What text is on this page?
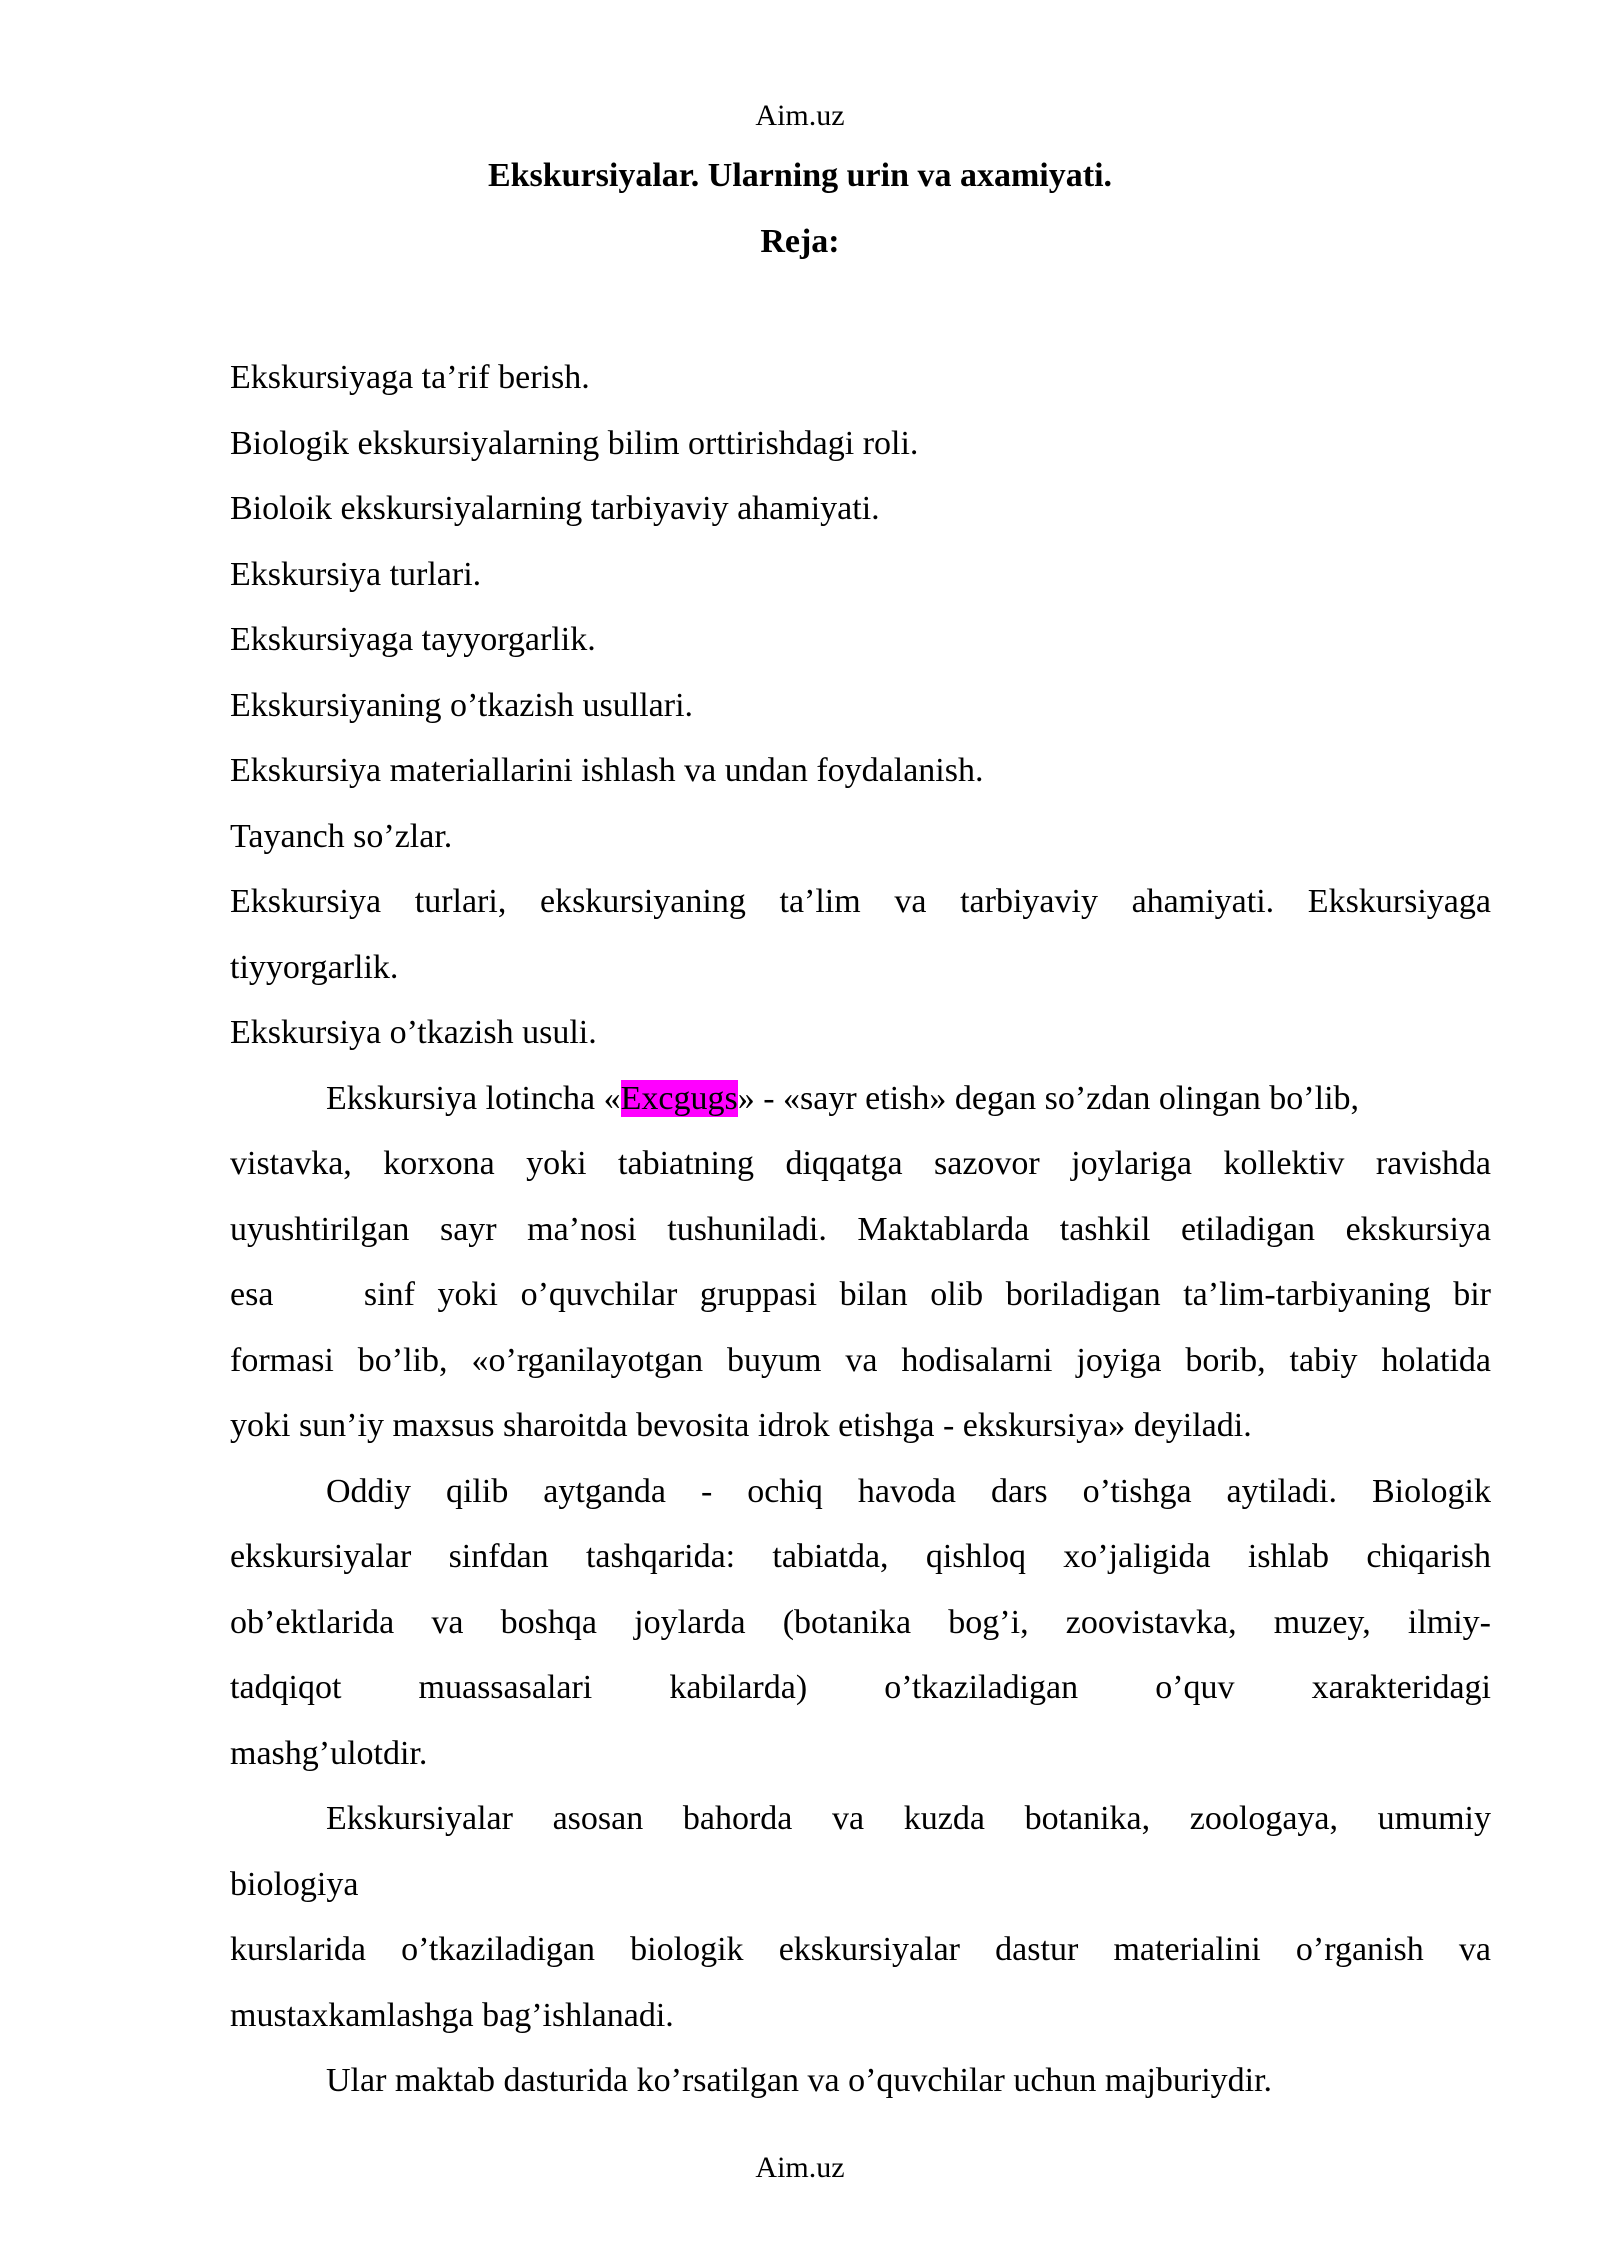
Aim.uz
Ekskursiyalar. Ularning urin va axamiyati.
Reja:

Ekskursiyaga ta’rif berish.

Biologik ekskursiyalarning bilim orttirishdagi roli.

Bioloik ekskursiyalarning tarbiyaviy ahamiyati.

Ekskursiya turlari.

Ekskursiyaga tayyorgarlik.

Ekskursiyaning o’tkazish usullari.

Ekskursiya materiallarini ishlash va undan foydalanish.

Tayanch so’zlar.

Ekskursiya turlari, ekskursiyaning ta’lim va tarbiyaviy ahamiyati. Ekskursiyaga

tiyyorgarlik.

Ekskursiya o’tkazish usuli.

Ekskursiya lotincha «Excgugs» - «sayr etish» degan so’zdan olingan bo’lib,

vistavka, korxona yoki tabiatning diqqatga sazovor joylariga kollektiv ravishda

uyushtirilgan sayr ma’nosi tushuniladi. Maktablarda tashkil etiladigan ekskursiya

esa    sinf yoki o’quvchilar gruppasi bilan olib boriladigan ta’lim-tarbiyaning bir

formasi bo’lib, «o’rganilayotgan buyum va hodisalarni joyiga borib, tabiy holatida

yoki sun’iy maxsus sharoitda bevosita idrok etishga - ekskursiya» deyiladi.

Oddiy qilib aytganda - ochiq havoda dars o’tishga aytiladi. Biologik

ekskursiyalar sinfdan tashqarida: tabiatda, qishloq xo’jaligida ishlab chiqarish

ob’ektlarida va boshqa joylarda (botanika bog’i, zoovistavka, muzey, ilmiy-

tadqiqot muassasalari kabilarda) o’tkaziladigan o’quv xarakteridagi

mashg’ulotdir.

Ekskursiyalar asosan bahorda va kuzda botanika, zoologaya, umumiy

biologiya

kurslarida o’tkaziladigan biologik ekskursiyalar dastur materialini o’rganish va

mustaxkamlashga bag’ishlanadi.

Ular maktab dasturida ko’rsatilgan va o’quvchilar uchun majburiydir.

Aim.uz
